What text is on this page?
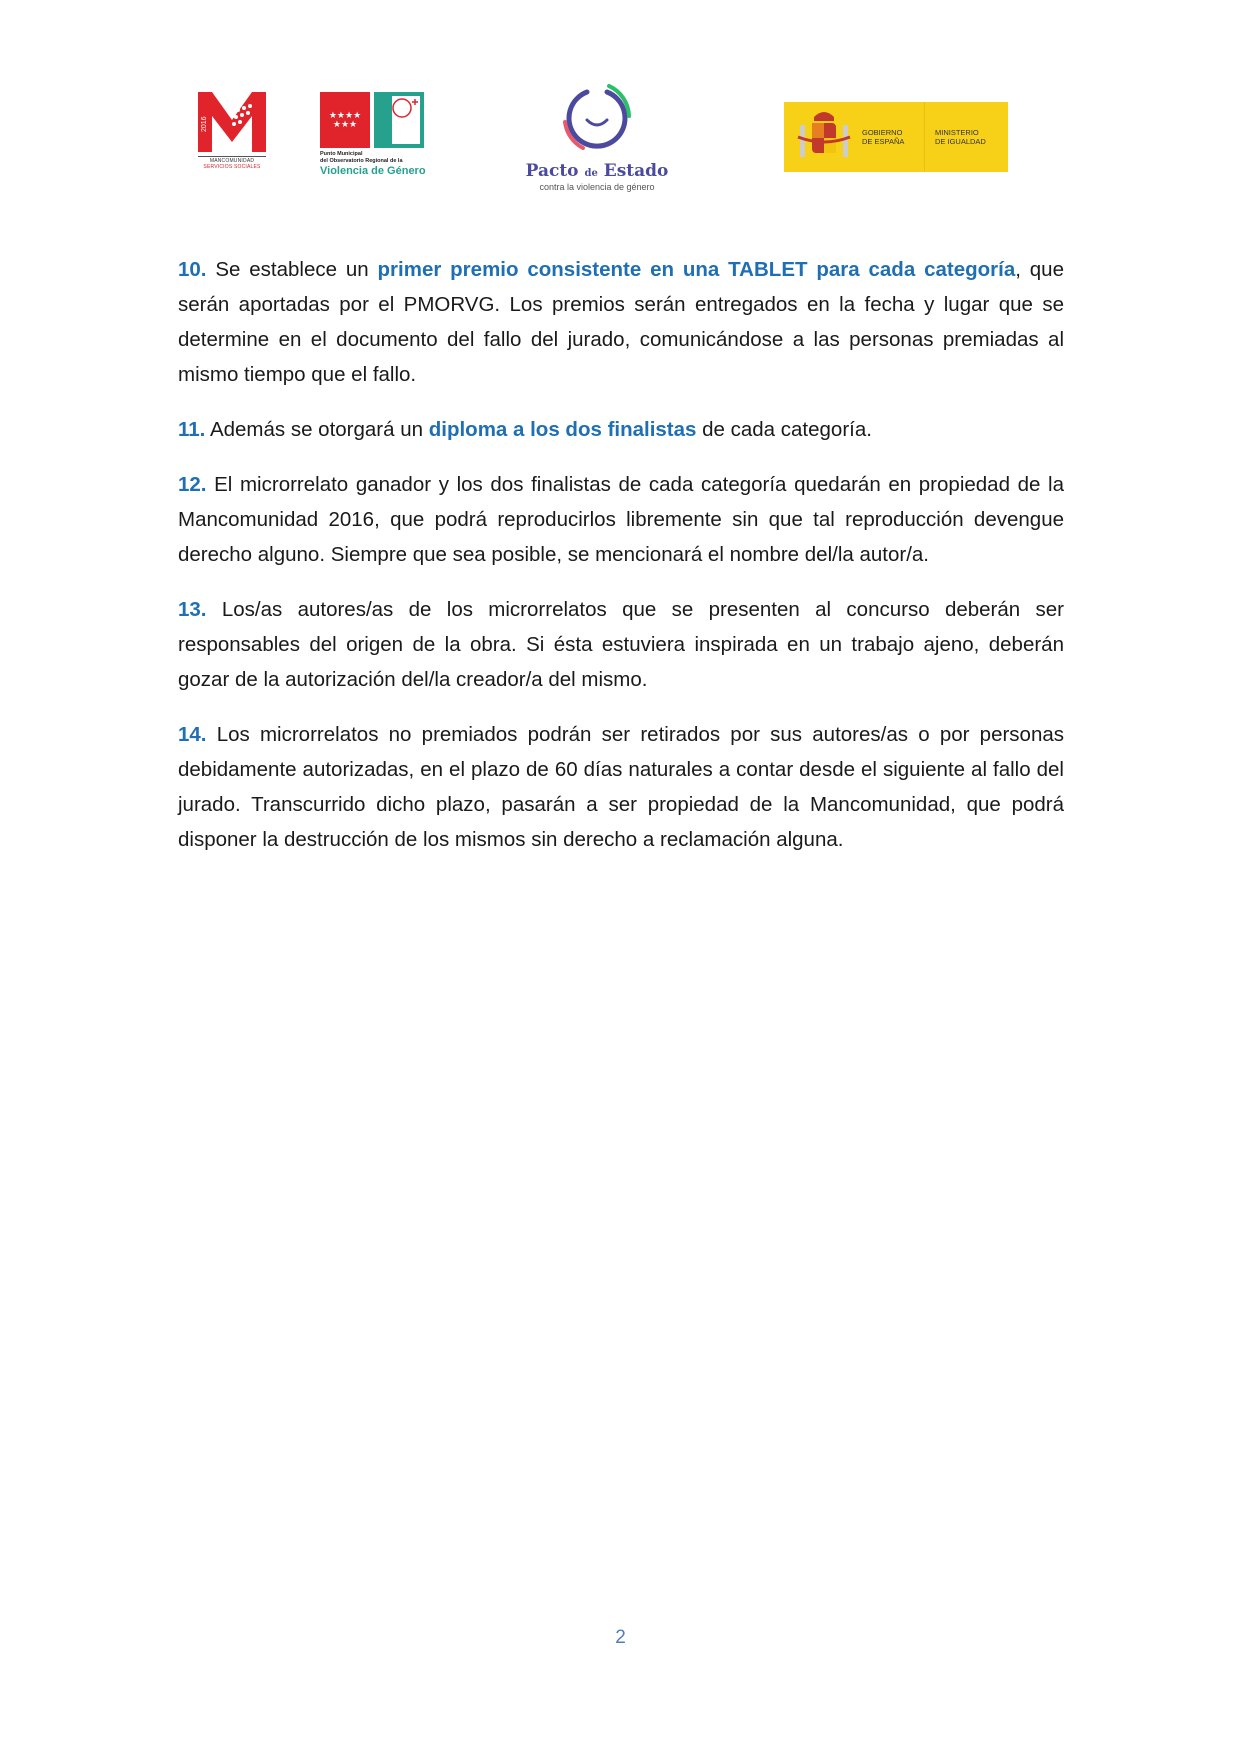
2016
MANCOMUNIDAD
SERVICIOS SOCIALES
★★★★
★★★
Punto Municipal
del Observatorio Regional de la
Violencia de Género	Pacto de Estado
contra la violencia de género
GOBIERNO
DE ESPAÑA
MINISTERIO
DE IGUALDAD

10. Se establece un primer premio consistente en una TABLET para cada categoría, que serán aportadas por el PMORVG. Los premios serán entregados en la fecha y lugar que se determine en el documento del fallo del jurado, comunicándose a las personas premiadas al mismo tiempo que el fallo.

11. Además se otorgará un diploma a los dos finalistas de cada categoría.

12. El microrrelato ganador y los dos finalistas de cada categoría quedarán en propiedad de la Mancomunidad 2016, que podrá reproducirlos libremente sin que tal reproducción devengue derecho alguno. Siempre que sea posible, se mencionará el nombre del/la autor/a.

13. Los/as autores/as de los microrrelatos que se presenten al concurso deberán ser responsables del origen de la obra. Si ésta estuviera inspirada en un trabajo ajeno, deberán gozar de la autorización del/la creador/a del mismo.

14. Los microrrelatos no premiados podrán ser retirados por sus autores/as o por personas debidamente autorizadas, en el plazo de 60 días naturales a contar desde el siguiente al fallo del jurado. Transcurrido dicho plazo, pasarán a ser propiedad de la Mancomunidad, que podrá disponer la destrucción de los mismos sin derecho a reclamación alguna.

2
